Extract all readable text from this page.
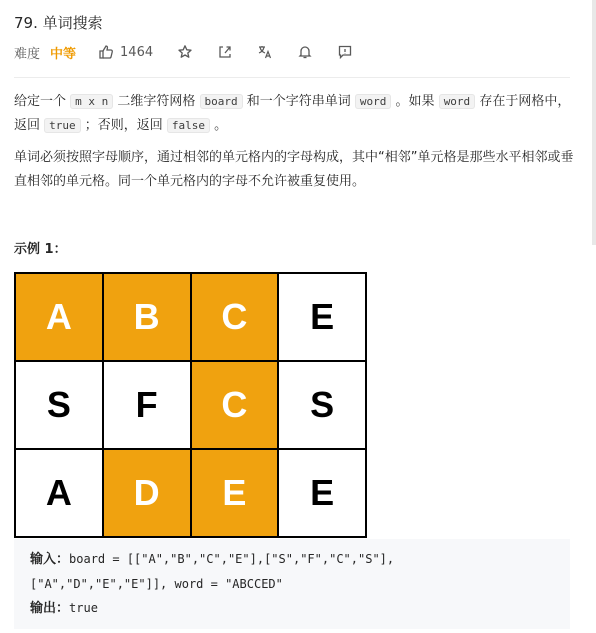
79. 单词搜索
难度 中等	1464
给定一个 m x n 二维字符网格 board 和一个字符串单词 word 。如果 word 存在于网格中，返回 true ；否则，返回 false 。
单词必须按照字母顺序，通过相邻的单元格内的字母构成，其中“相邻”单元格是那些水平相邻或垂直相邻的单元格。同一个单元格内的字母不允许被重复使用。
示例 1：
A	B	C	E
S	F	C	S
A	D	E	E
输入：board = [["A","B","C","E"],["S","F","C","S"],
["A","D","E","E"]], word = "ABCCED"
输出：true
